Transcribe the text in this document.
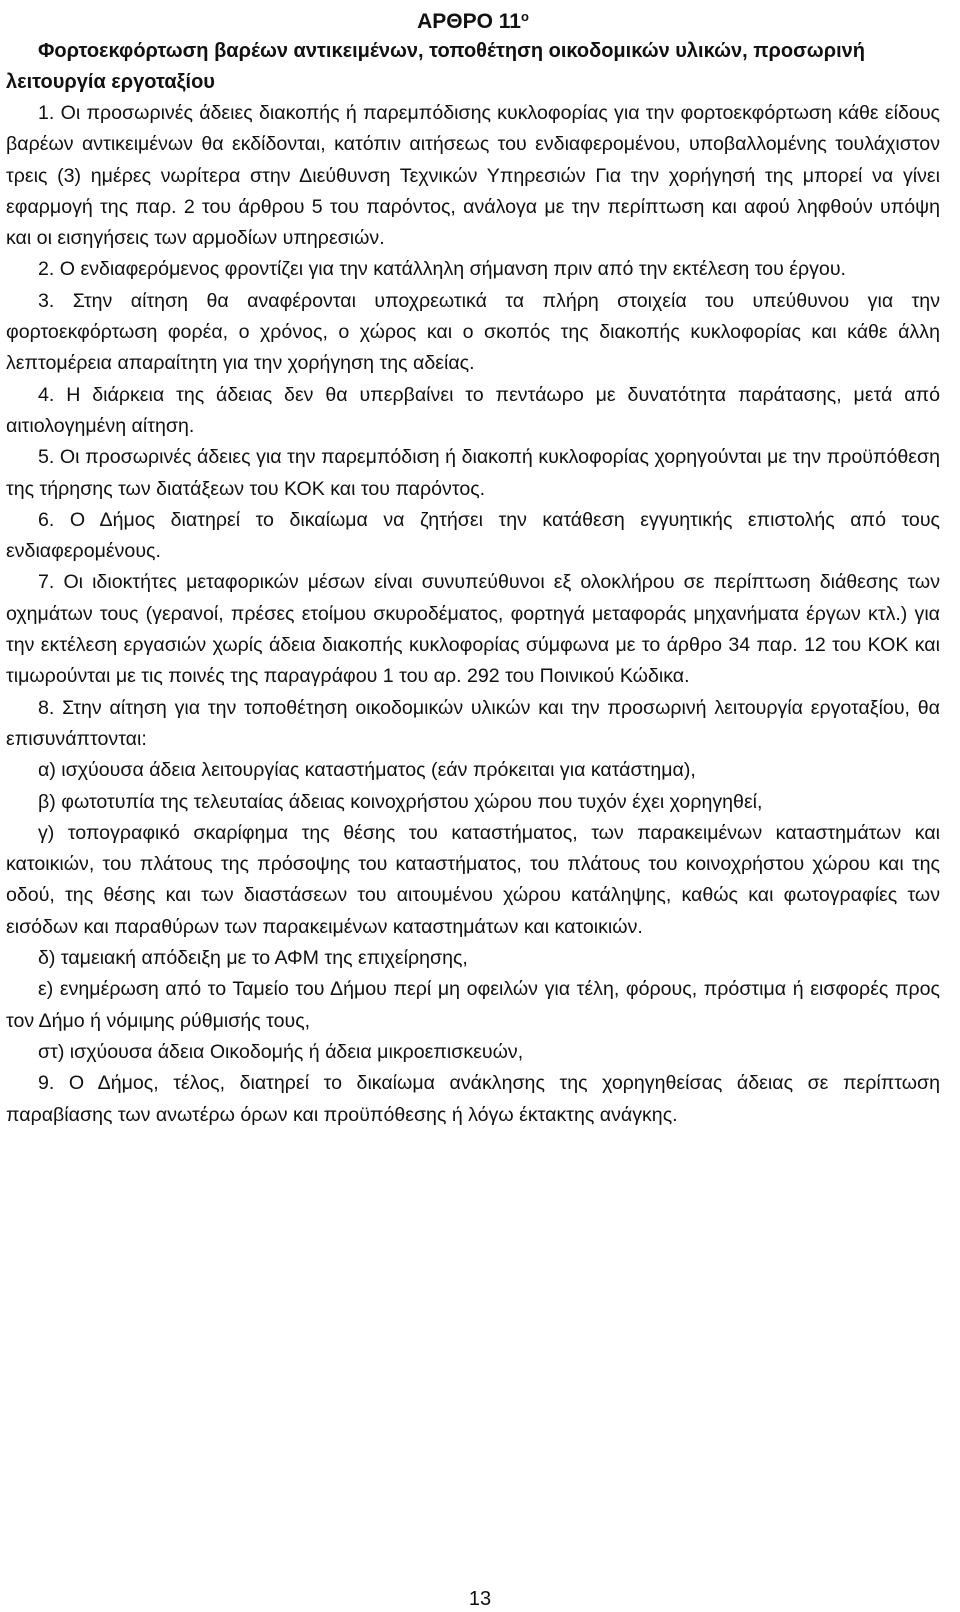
ΑΡΘΡΟ $11^o$
Φορτοεκφόρτωση βαρέων αντικειμένων, τοποθέτηση οικοδομικών υλικών, προσωρινή λειτουργία εργοταξίου

1. Οι προσωρινές άδειες διακοπής ή παρεμπόδισης κυκλοφορίας για την φορτοεκφόρτωση κάθε είδους βαρέων αντικειμένων θα εκδίδονται, κατόπιν αιτήσεως του ενδιαφερομένου, υποβαλλομένης τουλάχιστον τρεις (3) ημέρες νωρίτερα στην Διεύθυνση Τεχνικών Υπηρεσιών Για την χορήγησή της μπορεί να γίνει εφαρμογή της παρ. 2 του άρθρου 5 του παρόντος, ανάλογα με την περίπτωση και αφού ληφθούν υπόψη και οι εισηγήσεις των αρμοδίων υπηρεσιών.

2. Ο ενδιαφερόμενος φροντίζει για την κατάλληλη σήμανση πριν από την εκτέλεση του έργου.

3. Στην αίτηση θα αναφέρονται υποχρεωτικά τα πλήρη στοιχεία του υπεύθυνου για την φορτοεκφόρτωση φορέα, ο χρόνος, ο χώρος και ο σκοπός της διακοπής κυκλοφορίας και κάθε άλλη λεπτομέρεια απαραίτητη για την χορήγηση της αδείας.

4. Η διάρκεια της άδειας δεν θα υπερβαίνει το πεντάωρο με δυνατότητα παράτασης, μετά από αιτιολογημένη αίτηση.

5. Οι προσωρινές άδειες για την παρεμπόδιση ή διακοπή κυκλοφορίας χορηγούνται με την προϋπόθεση της τήρησης των διατάξεων του ΚΟΚ και του παρόντος.

6. Ο Δήμος διατηρεί το δικαίωμα να ζητήσει την κατάθεση εγγυητικής επιστολής από τους ενδιαφερομένους.

7. Οι ιδιοκτήτες μεταφορικών μέσων είναι συνυπεύθυνοι εξ ολοκλήρου σε περίπτωση διάθεσης των οχημάτων τους (γερανοί, πρέσες ετοίμου σκυροδέματος, φορτηγά μεταφοράς μηχανήματα έργων κτλ.) για την εκτέλεση εργασιών χωρίς άδεια διακοπής κυκλοφορίας σύμφωνα με το άρθρο 34 παρ. 12 του ΚΟΚ και τιμωρούνται με τις ποινές της παραγράφου 1 του αρ. 292 του Ποινικού Κώδικα.

8. Στην αίτηση για την τοποθέτηση οικοδομικών υλικών και την προσωρινή λειτουργία εργοταξίου, θα επισυνάπτονται:

α) ισχύουσα άδεια λειτουργίας καταστήματος (εάν πρόκειται για κατάστημα),

β) φωτοτυπία της τελευταίας άδειας κοινοχρήστου χώρου που τυχόν έχει χορηγηθεί,

γ) τοπογραφικό σκαρίφημα της θέσης του καταστήματος, των παρακειμένων καταστημάτων και κατοικιών, του πλάτους της πρόσοψης του καταστήματος, του πλάτους του κοινοχρήστου χώρου και της οδού, της θέσης και των διαστάσεων του αιτουμένου χώρου κατάληψης, καθώς και φωτογραφίες των εισόδων και παραθύρων των παρακειμένων καταστημάτων και κατοικιών.

δ) ταμειακή απόδειξη με το ΑΦΜ της επιχείρησης,

ε) ενημέρωση από το Ταμείο του Δήμου περί μη οφειλών για τέλη, φόρους, πρόστιμα ή εισφορές προς τον Δήμο ή νόμιμης ρύθμισής τους,

στ) ισχύουσα άδεια Οικοδομής ή άδεια μικροεπισκευών,

9. Ο Δήμος, τέλος, διατηρεί το δικαίωμα ανάκλησης της χορηγηθείσας άδειας σε περίπτωση παραβίασης των ανωτέρω όρων και προϋπόθεσης ή λόγω έκτακτης ανάγκης.

13
